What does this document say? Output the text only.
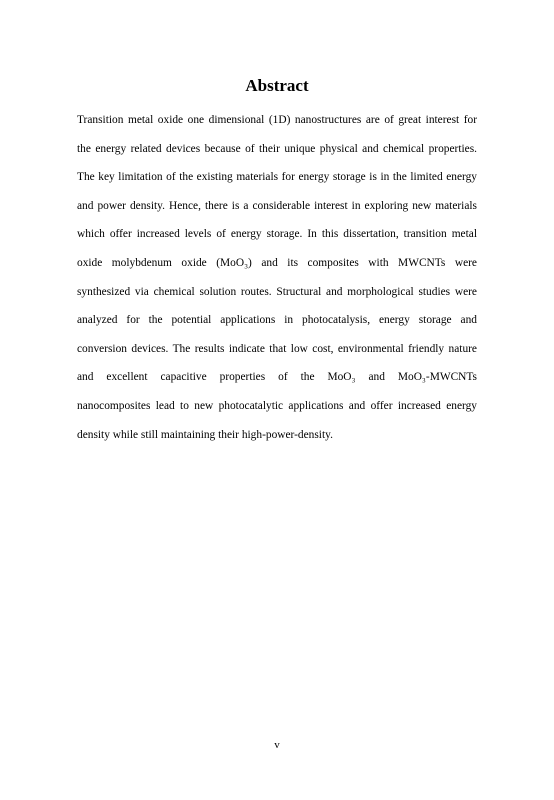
Abstract
Transition metal oxide one dimensional (1D) nanostructures are of great interest for
the energy related devices because of their unique physical and chemical properties.
The key limitation of the existing materials for energy storage is in the limited energy
and power density. Hence, there is a considerable interest in exploring new materials
which offer increased levels of energy storage. In this dissertation, transition metal
oxide molybdenum oxide (MoO₃) and its composites with MWCNTs were
synthesized via chemical solution routes. Structural and morphological studies were
analyzed for the potential applications in photocatalysis, energy storage and
conversion devices. The results indicate that low cost, environmental friendly nature
and excellent capacitive properties of the MoO₃ and MoO₃-MWCNTs
nanocomposites lead to new photocatalytic applications and offer increased energy
density while still maintaining their high-power-density.
v
